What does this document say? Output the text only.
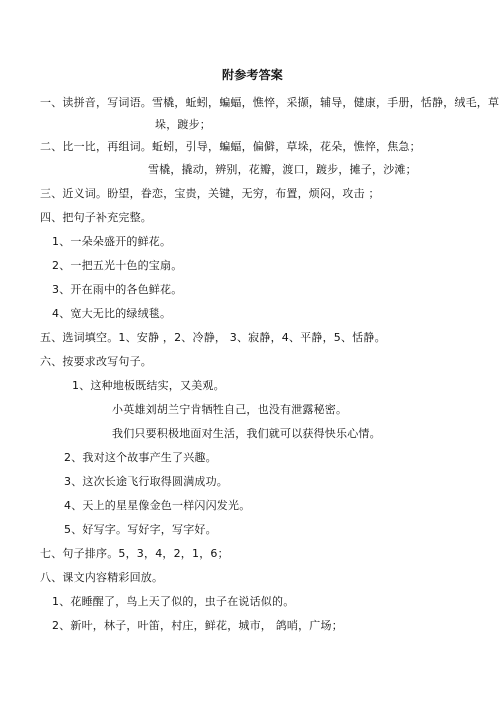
附参考答案
一、读拼音，写词语。雪橇，蚯蚓，蝙蝠，憔悴，采撷，辅导，健康，手册，恬静，绒毛，草
垛，踱步；
二、比一比，再组词。蚯蚓，引导，蝙蝠，偏僻，草垛，花朵，憔悴，焦急；
雪橇，撬动，辨别，花瓣，渡口，踱步，摊子，沙滩；
三、近义词。盼望，眷恋，宝贵，关键，无穷，布置，烦闷，攻击 ；
四、把句子补充完整。
1、一朵朵盛开的鲜花。
2、一把五光十色的宝扇。
3、开在雨中的各色鲜花。
4、宽大无比的绿绒毯。
五、选词填空。1、安静 ，2、冷静， 3、寂静，4、平静，5、恬静。
六、按要求改写句子。
1、这种地板既结实，又美观。
小英雄刘胡兰宁肯牺牲自己，也没有泄露秘密。
我们只要积极地面对生活，我们就可以获得快乐心情。
2、我对这个故事产生了兴趣。
3、这次长途飞行取得圆满成功。
4、天上的星星像金色一样闪闪发光。
5、好写字。写好字，写字好。
七、句子排序。5，3，4，2，1，6；
八、课文内容精彩回放。
1、花睡醒了，鸟上天了似的，虫子在说话似的。
2、新叶，林子，叶笛，村庄，鲜花，城市， 鸽哨，广场；
